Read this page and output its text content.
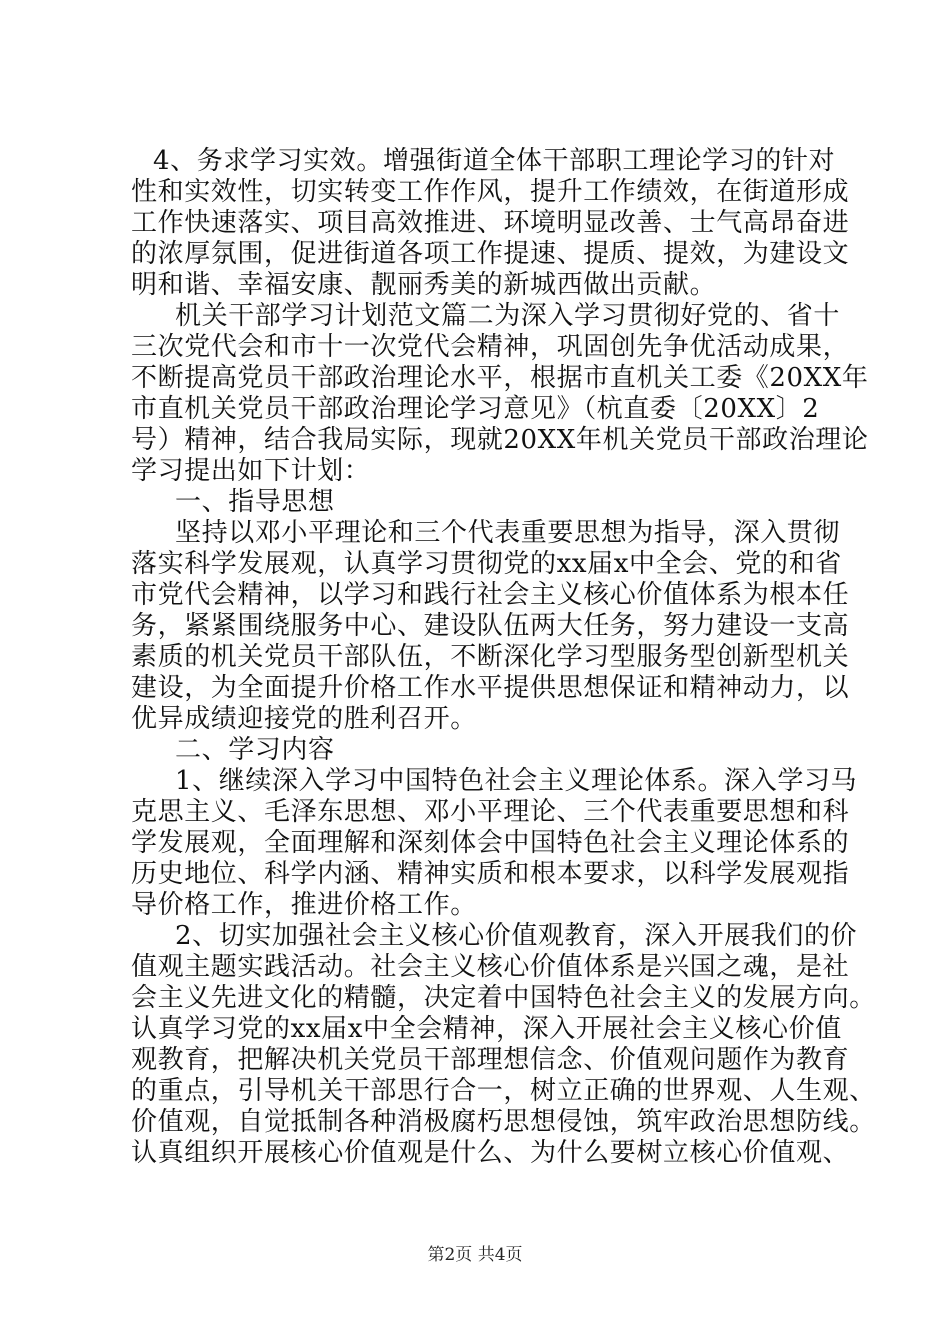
4、务求学习实效。增强街道全体干部职工理论学习的针对
性和实效性，切实转变工作作风，提升工作绩效，在街道形成
工作快速落实、项目高效推进、环境明显改善、士气高昂奋进
的浓厚氛围，促进街道各项工作提速、提质、提效，为建设文
明和谐、幸福安康、靓丽秀美的新城西做出贡献。
机关干部学习计划范文篇二为深入学习贯彻好党的、省十
三次党代会和市十一次党代会精神，巩固创先争优活动成果，
不断提高党员干部政治理论水平，根据市直机关工委《20XX年
市直机关党员干部政治理论学习意见》（杭直委〔20XX〕2
号）精神，结合我局实际，现就20XX年机关党员干部政治理论
学习提出如下计划：
一、指导思想
坚持以邓小平理论和三个代表重要思想为指导，深入贯彻
落实科学发展观，认真学习贯彻党的xx届x中全会、党的和省
市党代会精神，以学习和践行社会主义核心价值体系为根本任
务，紧紧围绕服务中心、建设队伍两大任务，努力建设一支高
素质的机关党员干部队伍，不断深化学习型服务型创新型机关
建设，为全面提升价格工作水平提供思想保证和精神动力，以
优异成绩迎接党的胜利召开。
二、学习内容
1、继续深入学习中国特色社会主义理论体系。深入学习马
克思主义、毛泽东思想、邓小平理论、三个代表重要思想和科
学发展观，全面理解和深刻体会中国特色社会主义理论体系的
历史地位、科学内涵、精神实质和根本要求，以科学发展观指
导价格工作，推进价格工作。
2、切实加强社会主义核心价值观教育，深入开展我们的价
值观主题实践活动。社会主义核心价值体系是兴国之魂，是社
会主义先进文化的精髓，决定着中国特色社会主义的发展方向。
认真学习党的xx届x中全会精神，深入开展社会主义核心价值
观教育，把解决机关党员干部理想信念、价值观问题作为教育
的重点，引导机关干部思行合一，树立正确的世界观、人生观、
价值观，自觉抵制各种消极腐朽思想侵蚀，筑牢政治思想防线。
认真组织开展核心价值观是什么、为什么要树立核心价值观、
第2页 共4页
